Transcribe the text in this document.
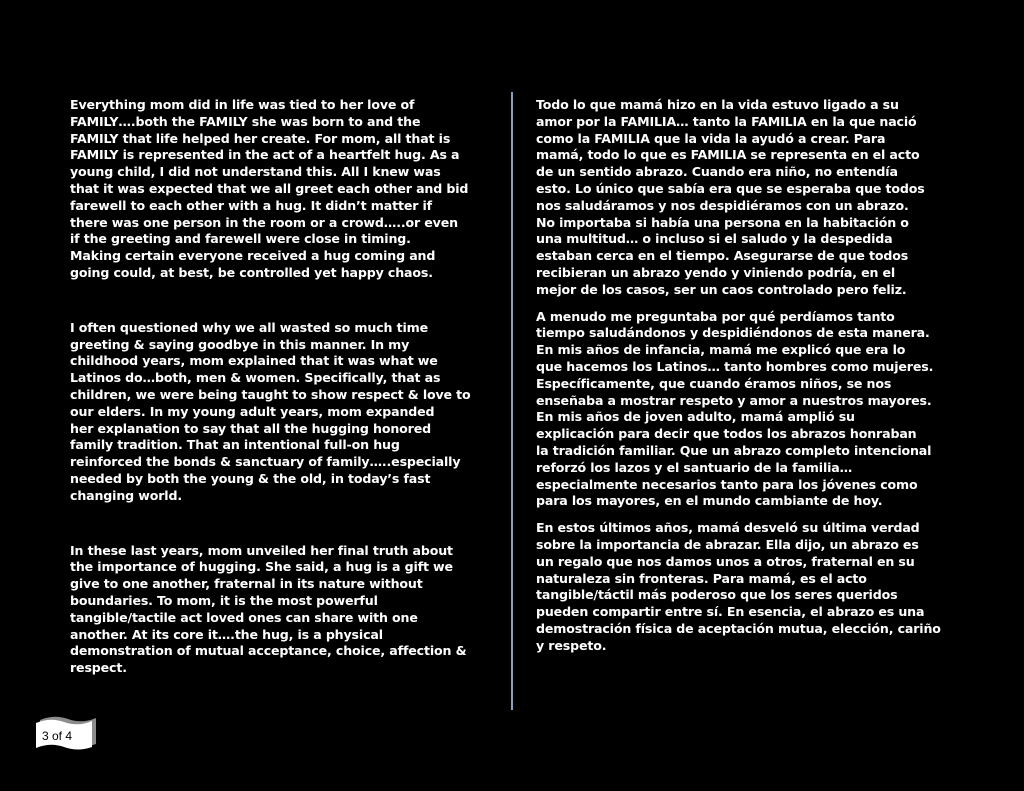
Everything mom did in life was tied to her love of
FAMILY….both the FAMILY she was born to and the
FAMILY that life helped her create. For mom, all that is
FAMILY is represented in the act of a heartfelt hug. As a
young child, I did not understand this. All I knew was
that it was expected that we all greet each other and bid
farewell to each other with a hug. It didn’t matter if
there was one person in the room or a crowd…..or even
if the greeting and farewell were close in timing.
Making certain everyone received a hug coming and
going could, at best, be controlled yet happy chaos.

I often questioned why we all wasted so much time
greeting & saying goodbye in this manner. In my
childhood years, mom explained that it was what we
Latinos do…both, men & women. Specifically, that as
children, we were being taught to show respect & love to
our elders. In my young adult years, mom expanded
her explanation to say that all the hugging honored
family tradition. That an intentional full-on hug
reinforced the bonds & sanctuary of family…..especially
needed by both the young & the old, in today’s fast
changing world.

In these last years, mom unveiled her final truth about
the importance of hugging. She said, a hug is a gift we
give to one another, fraternal in its nature without
boundaries. To mom, it is the most powerful
tangible/tactile act loved ones can share with one
another. At its core it….the hug, is a physical
demonstration of mutual acceptance, choice, affection &
respect.

Todo lo que mamá hizo en la vida estuvo ligado a su
amor por la FAMILIA… tanto la FAMILIA en la que nació
como la FAMILIA que la vida la ayudó a crear. Para
mamá, todo lo que es FAMILIA se representa en el acto
de un sentido abrazo. Cuando era niño, no entendía
esto. Lo único que sabía era que se esperaba que todos
nos saludáramos y nos despidiéramos con un abrazo.
No importaba si había una persona en la habitación o
una multitud… o incluso si el saludo y la despedida
estaban cerca en el tiempo. Asegurarse de que todos
recibieran un abrazo yendo y viniendo podría, en el
mejor de los casos, ser un caos controlado pero feliz.

A menudo me preguntaba por qué perdíamos tanto
tiempo saludándonos y despidiéndonos de esta manera.
En mis años de infancia, mamá me explicó que era lo
que hacemos los Latinos… tanto hombres como mujeres.
Específicamente, que cuando éramos niños, se nos
enseñaba a mostrar respeto y amor a nuestros mayores.
En mis años de joven adulto, mamá amplió su
explicación para decir que todos los abrazos honraban
la tradición familiar. Que un abrazo completo intencional
reforzó los lazos y el santuario de la familia…
especialmente necesarios tanto para los jóvenes como
para los mayores, en el mundo cambiante de hoy.

En estos últimos años, mamá desveló su última verdad
sobre la importancia de abrazar. Ella dijo, un abrazo es
un regalo que nos damos unos a otros, fraternal en su
naturaleza sin fronteras. Para mamá, es el acto
tangible/táctil más poderoso que los seres queridos
pueden compartir entre sí. En esencia, el abrazo es una
demostración física de aceptación mutua, elección, cariño
y respeto.

3 of 4
